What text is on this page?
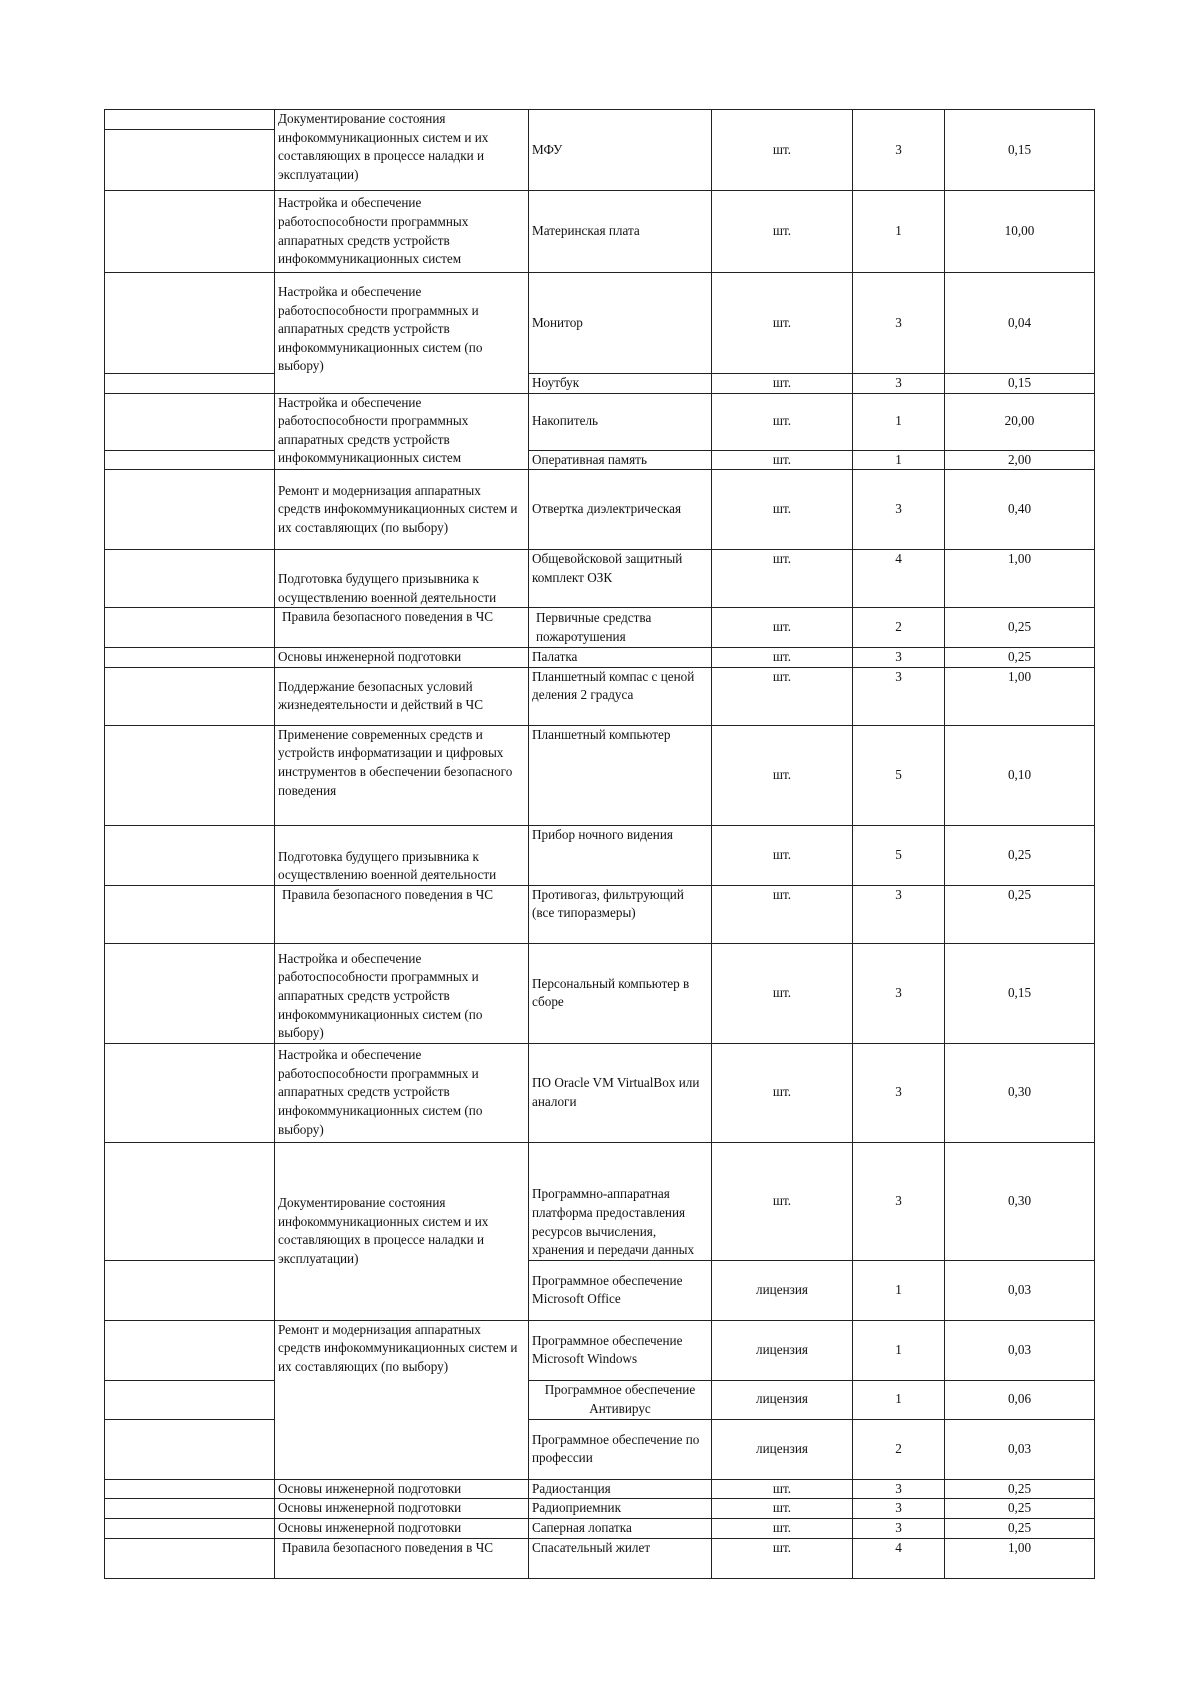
	Документирование состояния инфокоммуникационных систем и их составляющих в процессе наладки и эксплуатации)	МФУ	шт.	3	0,15

	Настройка и обеспечение работоспособности программных аппаратных средств устройств инфокоммуникационных систем	Материнская плата	шт.	1	10,00
	Настройка и обеспечение работоспособности программных и аппаратных средств устройств инфокоммуникационных систем (по выбору)	Монитор	шт.	3	0,04
		Ноутбук	шт.	3	0,15
	Настройка и обеспечение работоспособности программных аппаратных средств устройств инфокоммуникационных систем	Накопитель	шт.	1	20,00
		Оперативная память	шт.	1	2,00
	Ремонт и модернизация аппаратных средств инфокоммуникационных систем и их составляющих (по выбору)	Отвертка диэлектрическая	шт.	3	0,40
	Подготовка будущего призывника к осуществлению военной деятельности	Общевойсковой защитный комплект ОЗК	шт.	4	1,00
	Правила безопасного поведения в ЧС	Первичные средства пожаротушения	шт.	2	0,25
	Основы инженерной подготовки	Палатка	шт.	3	0,25
	Поддержание безопасных условий жизнедеятельности и действий в ЧС	Планшетный компас с ценой деления 2 градуса	шт.	3	1,00
	Применение современных средств и устройств информатизации и цифровых инструментов в обеспечении безопасного поведения	Планшетный компьютер	шт.	5	0,10
	Подготовка будущего призывника к осуществлению военной деятельности	Прибор ночного видения	шт.	5	0,25
	Правила безопасного поведения в ЧС	Противогаз, фильтрующий (все типоразмеры)	шт.	3	0,25
	Настройка и обеспечение работоспособности программных и аппаратных средств устройств инфокоммуникационных систем (по выбору)	Персональный компьютер в сборе	шт.	3	0,15
	Настройка и обеспечение работоспособности программных и аппаратных средств устройств инфокоммуникационных систем (по выбору)	ПО Oracle VM VirtualBox или аналоги	шт.	3	0,30
	Документирование состояния инфокоммуникационных систем и их составляющих в процессе наладки и эксплуатации)	Программно-аппаратная платформа предоставления ресурсов вычисления, хранения и передачи данных	шт.	3	0,30
		Программное обеспечение Microsoft Office	лицензия	1	0,03
	Ремонт и модернизация аппаратных средств инфокоммуникационных систем и их составляющих (по выбору)	Программное обеспечение Microsoft Windows	лицензия	1	0,03
		Программное обеспечение Антивирус	лицензия	1	0,06
		Программное обеспечение по профессии	лицензия	2	0,03
	Основы инженерной подготовки	Радиостанция	шт.	3	0,25
	Основы инженерной подготовки	Радиоприемник	шт.	3	0,25
	Основы инженерной подготовки	Саперная лопатка	шт.	3	0,25
	Правила безопасного поведения в ЧС	Спасательный жилет	шт.	4	1,00
